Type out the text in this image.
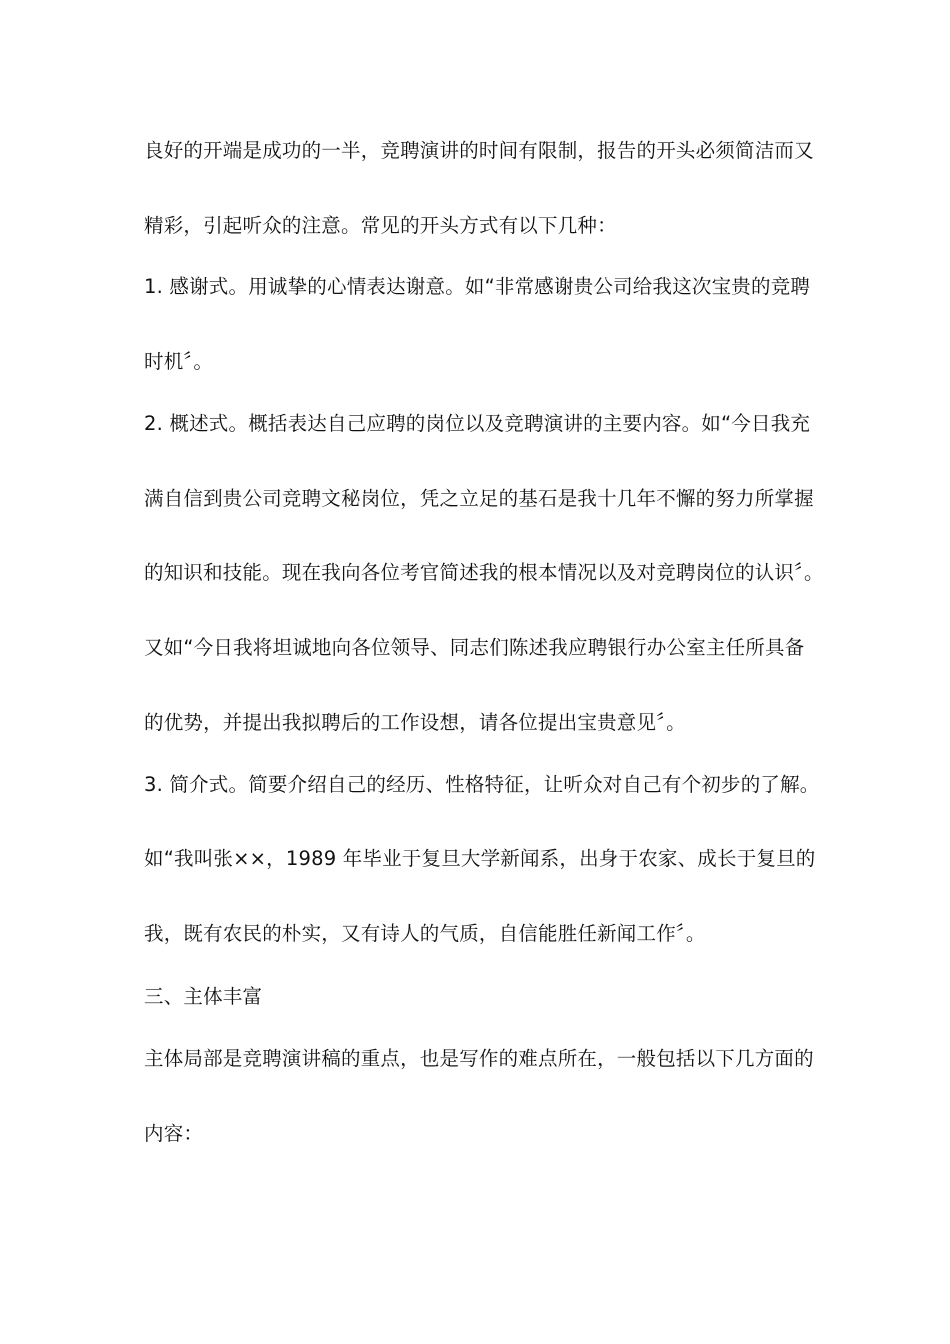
良好的开端是成功的一半，竞聘演讲的时间有限制，报告的开头必须简洁而又
精彩，引起听众的注意。常见的开头方式有以下几种：
1. 感谢式。用诚挚的心情表达谢意。如“非常感谢贵公司给我这次宝贵的竞聘
时机〞。
2. 概述式。概括表达自己应聘的岗位以及竞聘演讲的主要内容。如“今日我充
满自信到贵公司竞聘文秘岗位，凭之立足的基石是我十几年不懈的努力所掌握
的知识和技能。现在我向各位考官简述我的根本情况以及对竞聘岗位的认识〞。
又如“今日我将坦诚地向各位领导、同志们陈述我应聘银行办公室主任所具备
的优势，并提出我拟聘后的工作设想，请各位提出宝贵意见〞。
3. 简介式。简要介绍自己的经历、性格特征，让听众对自己有个初步的了解。
如“我叫张××，1989 年毕业于复旦大学新闻系，出身于农家、成长于复旦的
我，既有农民的朴实，又有诗人的气质，自信能胜任新闻工作〞。
三、主体丰富
主体局部是竞聘演讲稿的重点，也是写作的难点所在，一般包括以下几方面的
内容：
